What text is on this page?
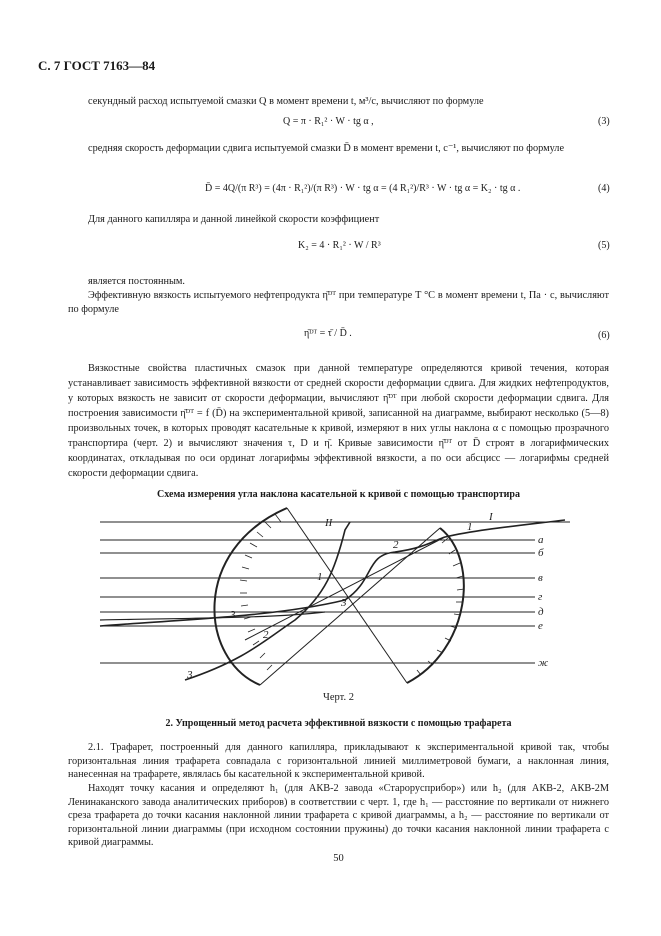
С. 7 ГОСТ 7163—84
секундный расход испытуемой смазки Q в момент времени t, м³/с, вычисляют по формуле
Q = π · R₁² · W · tg α ,	(3)
средняя скорость деформации сдвига испытуемой смазки D̄ в момент времени t, с⁻¹, вычисляют по формуле
D̄ = 4Q/(π R³) = (4π · R₁²)/(π R³) · W · tg α = (4 R₁²)/R³ · W · tg α = K₂ · tg α .	(4)
Для данного капилляра и данной линейкой скорости коэффициент
K₂ = 4 · R₁² · W / R³	(5)
является постоянным.
Эффективную вязкость испытуемого нефтепродукта η̄ᴰᵀ при температуре T °C в момент времени t, Па · с, вычисляют по формуле
η̄ᴰᵀ = τ̄ / D̄ .	(6)
Вязкостные свойства пластичных смазок при данной температуре определяются кривой течения, которая устанавливает зависимость эффективной вязкости от средней скорости деформации сдвига. Для жидких нефтепродуктов, у которых вязкость не зависит от скорости деформации, вычисляют η̄ᴰᵀ при любой скорости деформации сдвига. Для построения зависимости η̄ᴰᵀ = f (D̄) на экспериментальной кривой, записанной на диаграмме, выбирают несколько (5—8) произвольных точек, в которых проводят касательные к кривой, измеряют в них углы наклона α с помощью прозрачного транспортира (черт. 2) и вычисляют значения τ, D и η̄. Кривые зависимости η̄ᴰᵀ от D̄ строят в логарифмических координатах, откладывая по оси ординат логарифмы эффективной вязкости, а по оси абсцисс — логарифмы средней скорости деформации сдвига.
Схема измерения угла наклона касательной к кривой с помощью транспортира
I
II	1
2
1
3
3
2
3
а
б
в
г
д
е
ж
Черт. 2
2. Упрощенный метод расчета эффективной вязкости с помощью трафарета
2.1. Трафарет, построенный для данного капилляра, прикладывают к экспериментальной кривой так, чтобы горизонтальная линия трафарета совпадала с горизонтальной линией миллиметровой бумаги, а наклонная линия, нанесенная на трафарете, являлась бы касательной к экспериментальной кривой.
Находят точку касания и определяют h₁ (для АКВ-2 завода «Старорусприбор») или h₂ (для АКВ-2, АКВ-2М Ленинаканского завода аналитических приборов) в соответствии с черт. 1, где h₁ — расстояние по вертикали от нижнего среза трафарета до точки касания наклонной линии трафарета с кривой диаграммы, а h₂ — расстояние по вертикали от горизонтальной линии диаграммы (при исходном состоянии пружины) до точки касания наклонной линии трафарета с кривой диаграммы.
50
